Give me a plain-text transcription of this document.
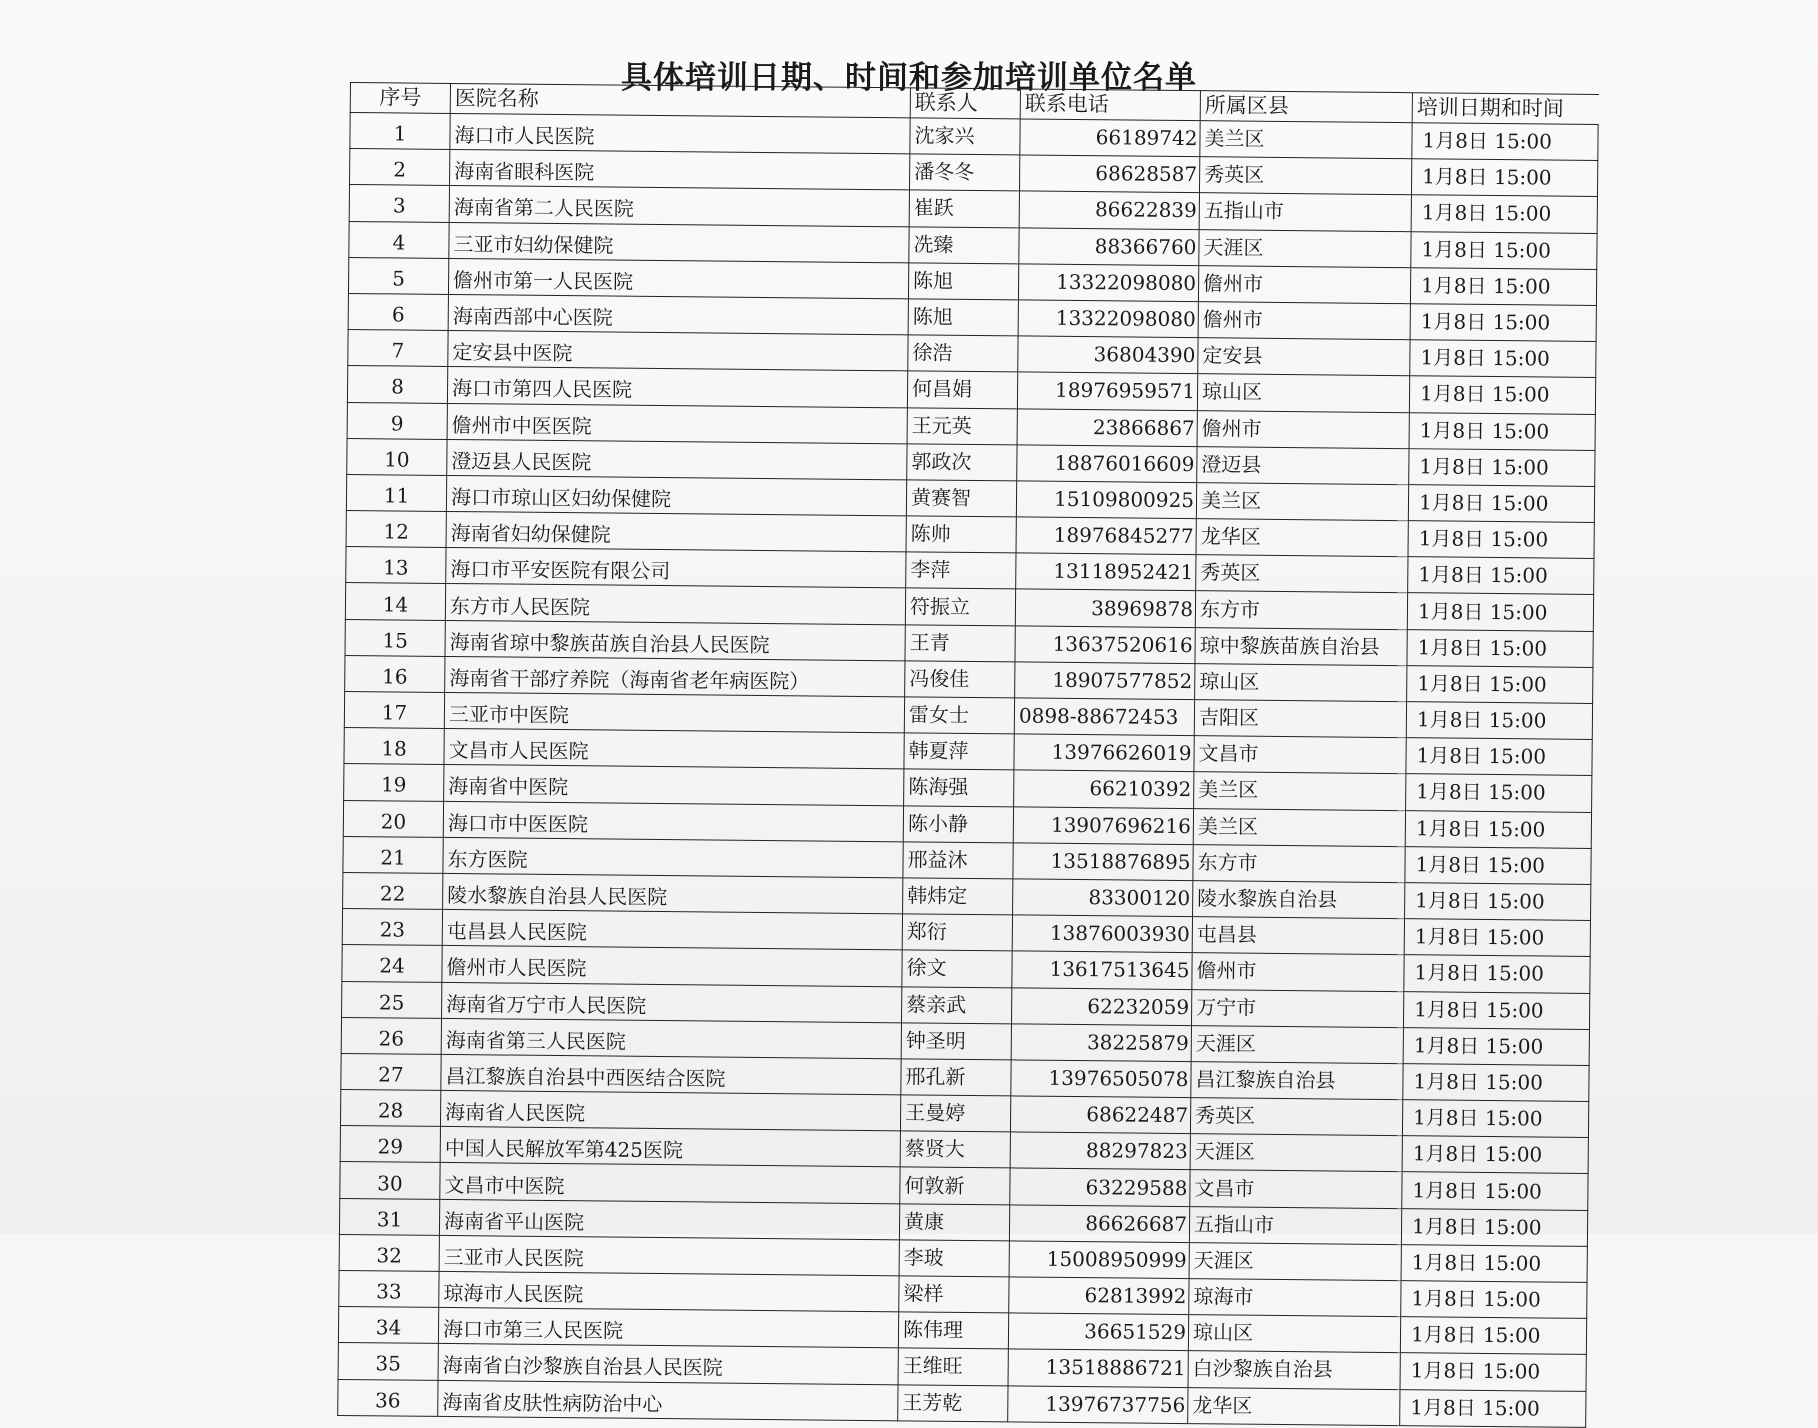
具体培训日期、时间和参加培训单位名单
序号	医院名称	联系人	联系电话	所属区县	培训日期和时间
1	海口市人民医院	沈家兴	66189742	美兰区	1月8日 15:00
2	海南省眼科医院	潘冬冬	68628587	秀英区	1月8日 15:00
3	海南省第二人民医院	崔跃	86622839	五指山市	1月8日 15:00
4	三亚市妇幼保健院	冼臻	88366760	天涯区	1月8日 15:00
5	儋州市第一人民医院	陈旭	13322098080	儋州市	1月8日 15:00
6	海南西部中心医院	陈旭	13322098080	儋州市	1月8日 15:00
7	定安县中医院	徐浩	36804390	定安县	1月8日 15:00
8	海口市第四人民医院	何昌娟	18976959571	琼山区	1月8日 15:00
9	儋州市中医医院	王元英	23866867	儋州市	1月8日 15:00
10	澄迈县人民医院	郭政次	18876016609	澄迈县	1月8日 15:00
11	海口市琼山区妇幼保健院	黄赛智	15109800925	美兰区	1月8日 15:00
12	海南省妇幼保健院	陈帅	18976845277	龙华区	1月8日 15:00
13	海口市平安医院有限公司	李萍	13118952421	秀英区	1月8日 15:00
14	东方市人民医院	符振立	38969878	东方市	1月8日 15:00
15	海南省琼中黎族苗族自治县人民医院	王青	13637520616	琼中黎族苗族自治县	1月8日 15:00
16	海南省干部疗养院（海南省老年病医院）	冯俊佳	18907577852	琼山区	1月8日 15:00
17	三亚市中医院	雷女士	0898-88672453	吉阳区	1月8日 15:00
18	文昌市人民医院	韩夏萍	13976626019	文昌市	1月8日 15:00
19	海南省中医院	陈海强	66210392	美兰区	1月8日 15:00
20	海口市中医医院	陈小静	13907696216	美兰区	1月8日 15:00
21	东方医院	邢益沐	13518876895	东方市	1月8日 15:00
22	陵水黎族自治县人民医院	韩炜定	83300120	陵水黎族自治县	1月8日 15:00
23	屯昌县人民医院	郑衍	13876003930	屯昌县	1月8日 15:00
24	儋州市人民医院	徐文	13617513645	儋州市	1月8日 15:00
25	海南省万宁市人民医院	蔡亲武	62232059	万宁市	1月8日 15:00
26	海南省第三人民医院	钟圣明	38225879	天涯区	1月8日 15:00
27	昌江黎族自治县中西医结合医院	邢孔新	13976505078	昌江黎族自治县	1月8日 15:00
28	海南省人民医院	王曼婷	68622487	秀英区	1月8日 15:00
29	中国人民解放军第425医院	蔡贤大	88297823	天涯区	1月8日 15:00
30	文昌市中医院	何敦新	63229588	文昌市	1月8日 15:00
31	海南省平山医院	黄康	86626687	五指山市	1月8日 15:00
32	三亚市人民医院	李玻	15008950999	天涯区	1月8日 15:00
33	琼海市人民医院	梁样	62813992	琼海市	1月8日 15:00
34	海口市第三人民医院	陈伟理	36651529	琼山区	1月8日 15:00
35	海南省白沙黎族自治县人民医院	王维旺	13518886721	白沙黎族自治县	1月8日 15:00
36	海南省皮肤性病防治中心	王芳乾	13976737756	龙华区	1月8日 15:00
